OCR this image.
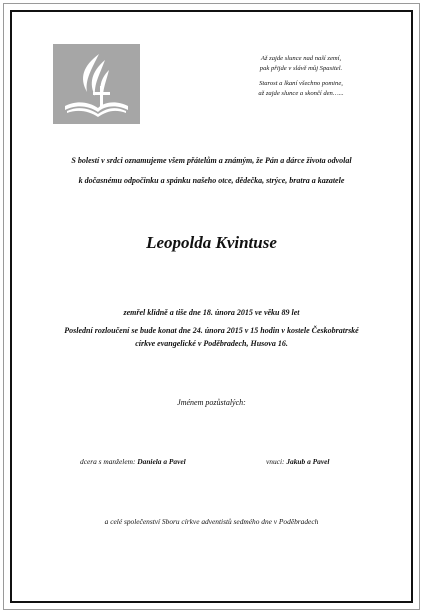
Až zajde slunce nad naší zemí,
pak přijde v slávě můj Spasitel.
Starost a lkaní všechno pomine,
až zajde slunce a skončí den…...
S bolestí v srdci oznamujeme všem přátelům a známým, že Pán a dárce života odvolal
k dočasnému odpočinku a spánku našeho otce, dědečka, strýce, bratra a kazatele
Leopolda Kvintuse
zemřel klidně a tiše dne 18. února 2015 ve věku 89 let
Poslední rozloučení se bude konat dne 24. února 2015 v 15 hodin v kostele Českobratrské
církve evangelické v Poděbradech, Husova 16.
Jménem pozůstalých:
dcera s manželem: Daniela a Pavel	vnuci: Jakub a Pavel
a celé společenství Sboru církve adventistů sedmého dne v Poděbradech
